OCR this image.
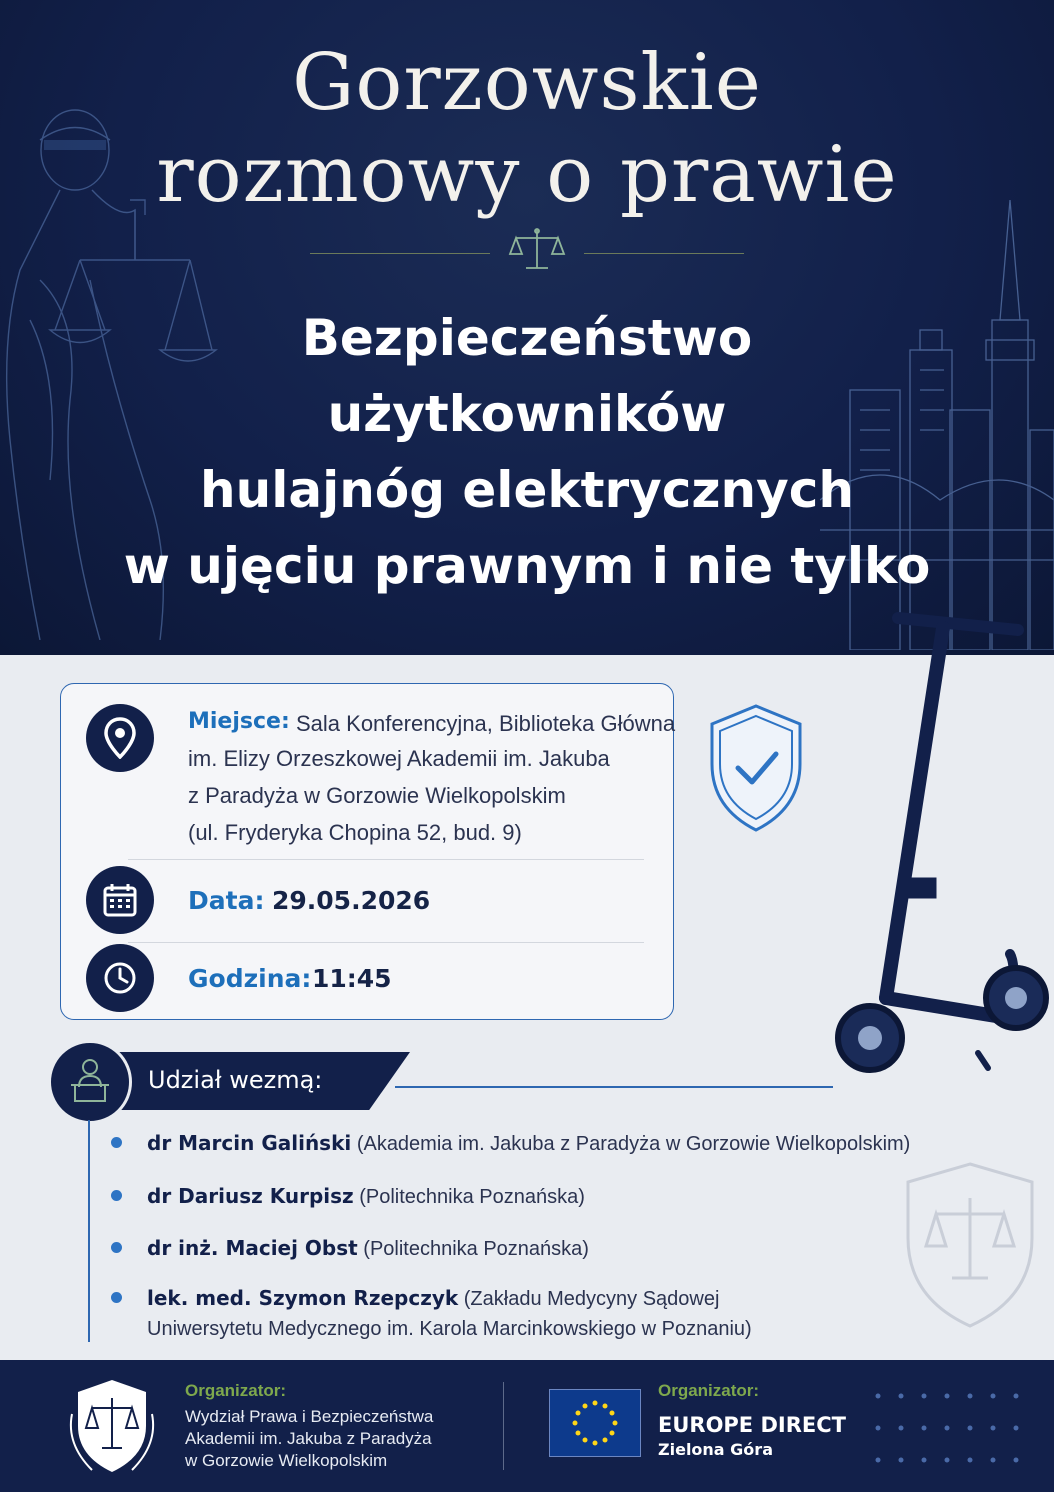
Gorzowskie
rozmowy o prawie
Bezpieczeństwo
użytkowników
hulajnóg elektrycznych
w ujęciu prawnym i nie tylko
Miejsce: Sala Konferencyjna, Biblioteka Główna
im. Elizy Orzeszkowej Akademii im. Jakuba
z Paradyża w Gorzowie Wielkopolskim
(ul. Fryderyka Chopina 52, bud. 9)
Data: 29.05.2026
Godzina: 11:45
Udział wezmą:
dr Marcin Galiński (Akademia im. Jakuba z Paradyża w Gorzowie Wielkopolskim)
dr Dariusz Kurpisz (Politechnika Poznańska)
dr inż. Maciej Obst (Politechnika Poznańska)
lek. med. Szymon Rzepczyk (Zakładu Medycyny Sądowej
Uniwersytetu Medycznego im. Karola Marcinkowskiego w Poznaniu)
Organizator:
Wydział Prawa i Bezpieczeństwa
Akademii im. Jakuba z Paradyża
w Gorzowie Wielkopolskim
Organizator:
EUROPE DIRECT
Zielona Góra
